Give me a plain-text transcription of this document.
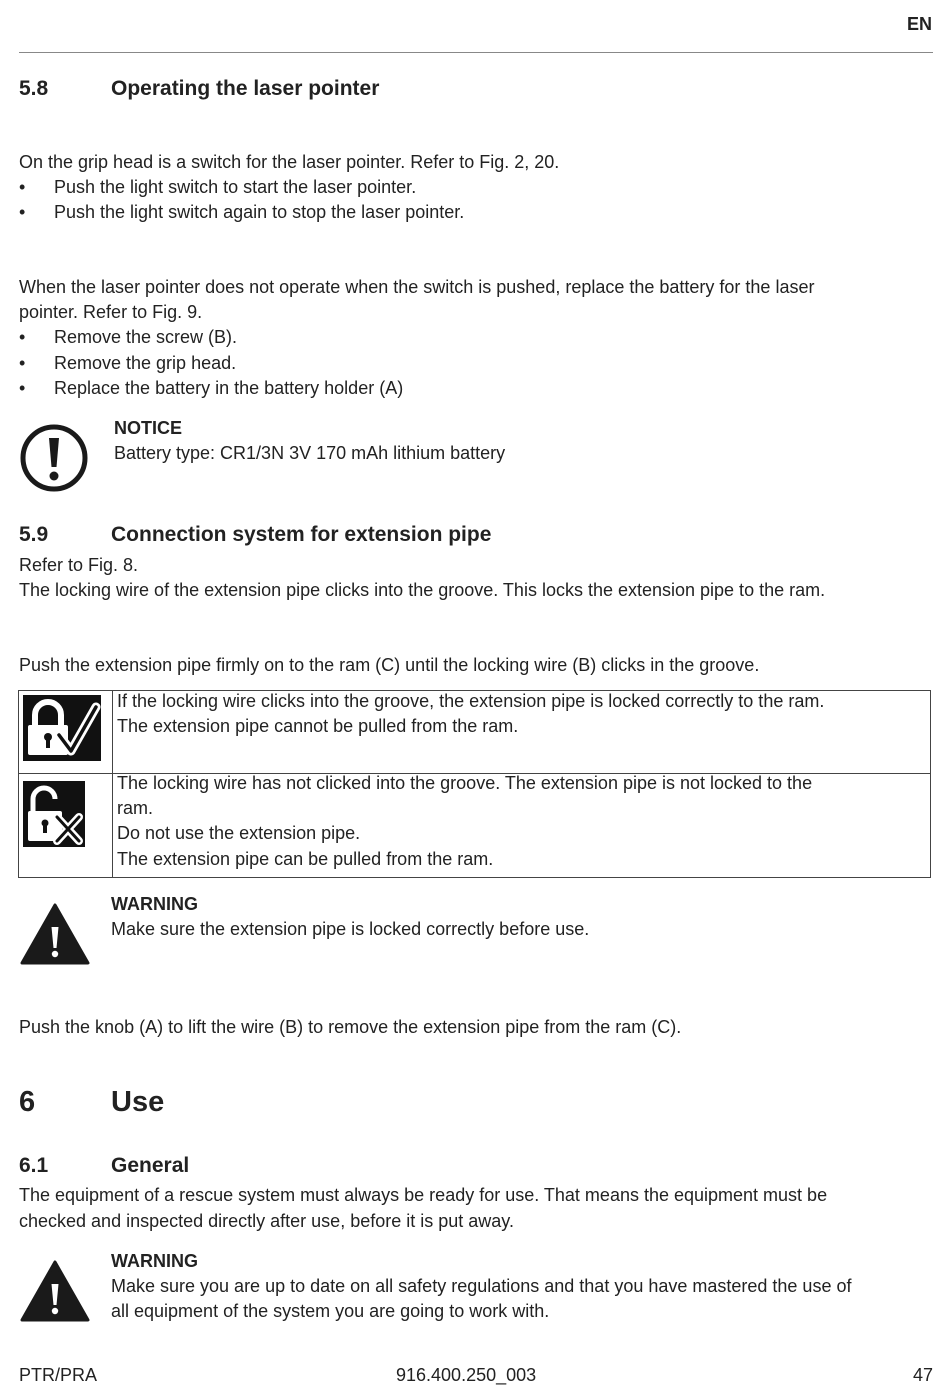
EN
5.8	Operating the laser pointer
On the grip head is a switch for the laser pointer. Refer to Fig. 2, 20.
• Push the light switch to start the laser pointer.
• Push the light switch again to stop the laser pointer.
When the laser pointer does not operate when the switch is pushed, replace the battery for the laser
pointer. Refer to Fig. 9.
• Remove the screw (B).
• Remove the grip head.
• Replace the battery in the battery holder (A)
NOTICE
Battery type: CR1/3N 3V 170 mAh lithium battery
5.9	Connection system for extension pipe
Refer to Fig. 8.
The locking wire of the extension pipe clicks into the groove. This locks the extension pipe to the ram.
Push the extension pipe firmly on to the ram (C) until the locking wire (B) clicks in the groove.
If the locking wire clicks into the groove, the extension pipe is locked correctly to the ram.
The extension pipe cannot be pulled from the ram.
The locking wire has not clicked into the groove. The extension pipe is not locked to the
ram.
Do not use the extension pipe.
The extension pipe can be pulled from the ram.
WARNING
Make sure the extension pipe is locked correctly before use.
Push the knob (A) to lift the wire (B) to remove the extension pipe from the ram (C).
6	Use
6.1	General
The equipment of a rescue system must always be ready for use. That means the equipment must be
checked and inspected directly after use, before it is put away.
WARNING
Make sure you are up to date on all safety regulations and that you have mastered the use of
all equipment of the system you are going to work with.
PTR/PRA	916.400.250_003	47
